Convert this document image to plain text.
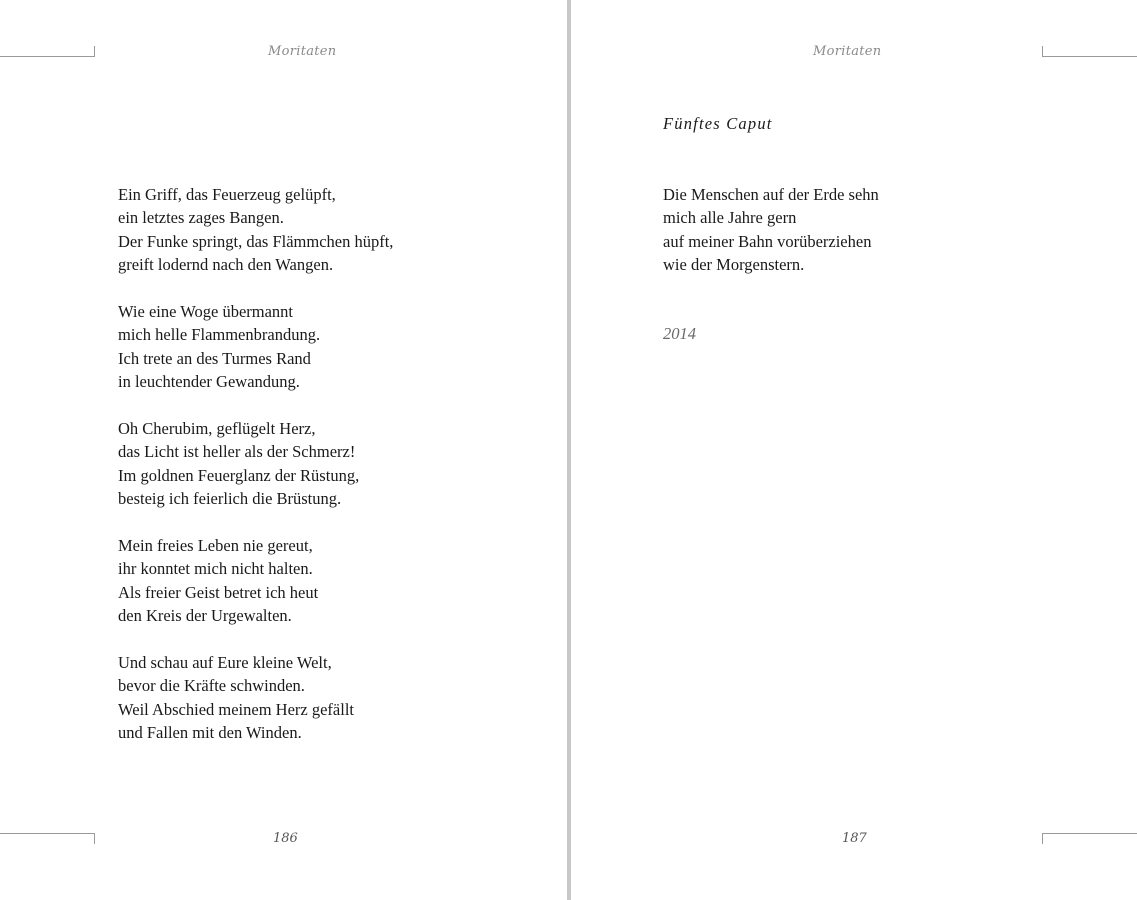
Moritaten
Ein Griff, das Feuerzeug gelüpft,
ein letztes zages Bangen.
Der Funke springt, das Flämmchen hüpft,
greift lodernd nach den Wangen.
Wie eine Woge übermannt
mich helle Flammenbrandung.
Ich trete an des Turmes Rand
in leuchtender Gewandung.
Oh Cherubim, geflügelt Herz,
das Licht ist heller als der Schmerz!
Im goldnen Feuerglanz der Rüstung,
besteig ich feierlich die Brüstung.
Mein freies Leben nie gereut,
ihr konntet mich nicht halten.
Als freier Geist betret ich heut
den Kreis der Urgewalten.
Und schau auf Eure kleine Welt,
bevor die Kräfte schwinden.
Weil Abschied meinem Herz gefällt
und Fallen mit den Winden.
186
Moritaten
Fünftes Caput
Die Menschen auf der Erde sehn
mich alle Jahre gern
auf meiner Bahn vorüberziehen
wie der Morgenstern.
2014
187
